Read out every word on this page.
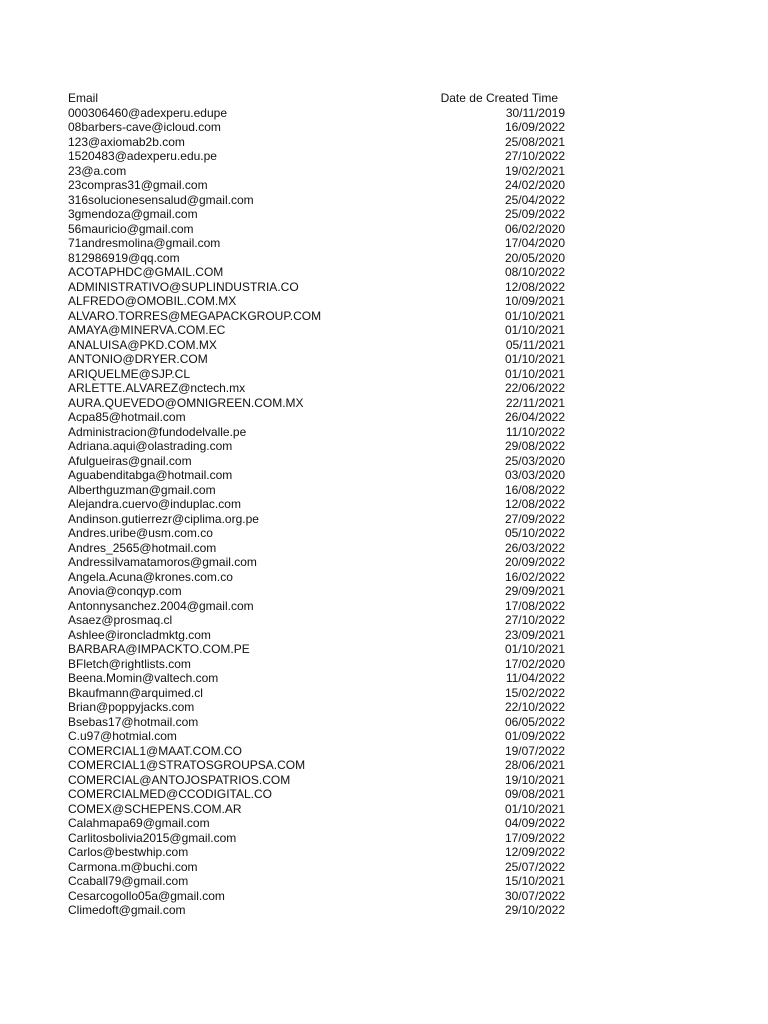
Email	Date de Created Time
000306460@adexperu.edupe	30/11/2019
08barbers-cave@icloud.com	16/09/2022
123@axiomab2b.com	25/08/2021
1520483@adexperu.edu.pe	27/10/2022
23@a.com	19/02/2021
23compras31@gmail.com	24/02/2020
316solucionesensalud@gmail.com	25/04/2022
3gmendoza@gmail.com	25/09/2022
56mauricio@gmail.com	06/02/2020
71andresmolina@gmail.com	17/04/2020
812986919@qq.com	20/05/2020
ACOTAPHDC@GMAIL.COM	08/10/2022
ADMINISTRATIVO@SUPLINDUSTRIA.CO	12/08/2022
ALFREDO@OMOBIL.COM.MX	10/09/2021
ALVARO.TORRES@MEGAPACKGROUP.COM	01/10/2021
AMAYA@MINERVA.COM.EC	01/10/2021
ANALUISA@PKD.COM.MX	05/11/2021
ANTONIO@DRYER.COM	01/10/2021
ARIQUELME@SJP.CL	01/10/2021
ARLETTE.ALVAREZ@nctech.mx	22/06/2022
AURA.QUEVEDO@OMNIGREEN.COM.MX	22/11/2021
Acpa85@hotmail.com	26/04/2022
Administracion@fundodelvalle.pe	11/10/2022
Adriana.aqui@olastrading.com	29/08/2022
Afulgueiras@gnail.com	25/03/2020
Aguabenditabga@hotmail.com	03/03/2020
Alberthguzman@gmail.com	16/08/2022
Alejandra.cuervo@induplac.com	12/08/2022
Andinson.gutierrezr@ciplima.org.pe	27/09/2022
Andres.uribe@usm.com.co	05/10/2022
Andres_2565@hotmail.com	26/03/2022
Andressilvamatamoros@gmail.com	20/09/2022
Angela.Acuna@krones.com.co	16/02/2022
Anovia@conqyp.com	29/09/2021
Antonnysanchez.2004@gmail.com	17/08/2022
Asaez@prosmaq.cl	27/10/2022
Ashlee@ironcladmktg.com	23/09/2021
BARBARA@IMPACKTO.COM.PE	01/10/2021
BFletch@rightlists.com	17/02/2020
Beena.Momin@valtech.com	11/04/2022
Bkaufmann@arquimed.cl	15/02/2022
Brian@poppyjacks.com	22/10/2022
Bsebas17@hotmail.com	06/05/2022
C.u97@hotmial.com	01/09/2022
COMERCIAL1@MAAT.COM.CO	19/07/2022
COMERCIAL1@STRATOSGROUPSA.COM	28/06/2021
COMERCIAL@ANTOJOSPATRIOS.COM	19/10/2021
COMERCIALMED@CCODIGITAL.CO	09/08/2021
COMEX@SCHEPENS.COM.AR	01/10/2021
Calahmapa69@gmail.com	04/09/2022
Carlitosbolivia2015@gmail.com	17/09/2022
Carlos@bestwhip.com	12/09/2022
Carmona.m@buchi.com	25/07/2022
Ccaball79@gmail.com	15/10/2021
Cesarcogollo05a@gmail.com	30/07/2022
Climedoft@gmail.com	29/10/2022
